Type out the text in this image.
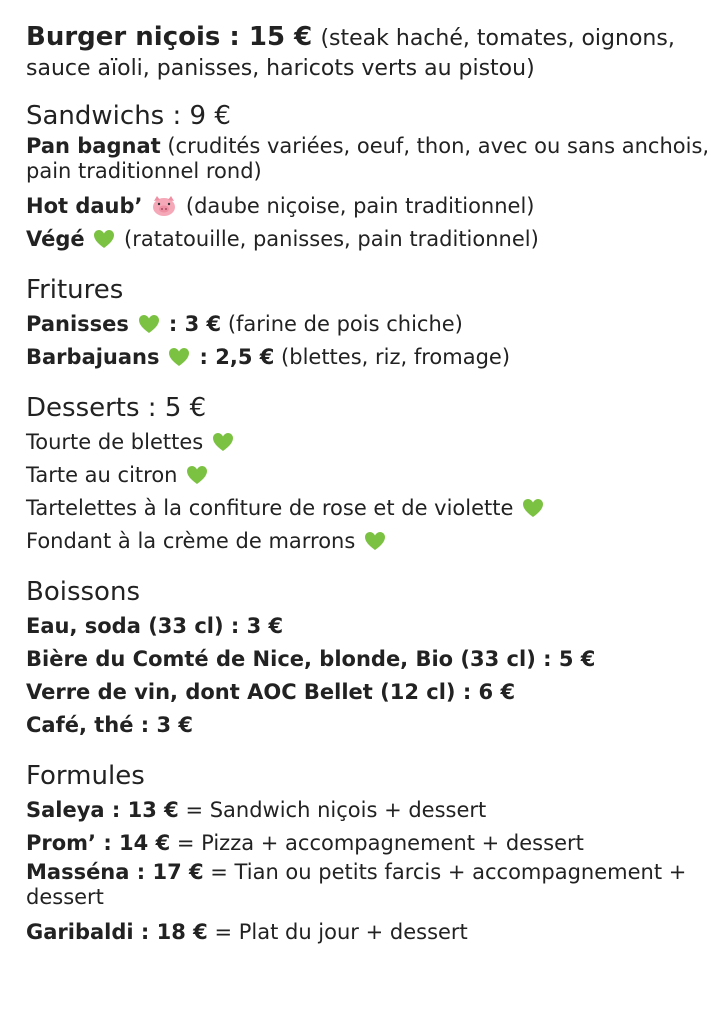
Burger niçois : 15 € (steak haché, tomates, oignons, sauce aïoli, panisses, haricots verts au pistou)
Sandwichs : 9 €
Pan bagnat (crudités variées, oeuf, thon, avec ou sans anchois, pain traditionnel rond)
Hot daub’ (daube niçoise, pain traditionnel)
Végé (ratatouille, panisses, pain traditionnel)
Fritures
Panisses  : 3 € (farine de pois chiche)
Barbajuans  : 2,5 € (blettes, riz, fromage)
Desserts : 5 €
Tourte de blettes
Tarte au citron
Tartelettes à la confiture de rose et de violette
Fondant à la crème de marrons
Boissons
Eau, soda (33 cl) : 3 €
Bière du Comté de Nice, blonde, Bio (33 cl) : 5 €
Verre de vin, dont AOC Bellet (12 cl) : 6 €
Café, thé : 3 €
Formules
Saleya : 13 € = Sandwich niçois + dessert
Prom’ : 14 € = Pizza + accompagnement + dessert
Masséna : 17 € = Tian ou petits farcis + accompagnement + dessert
Garibaldi : 18 € = Plat du jour + dessert
